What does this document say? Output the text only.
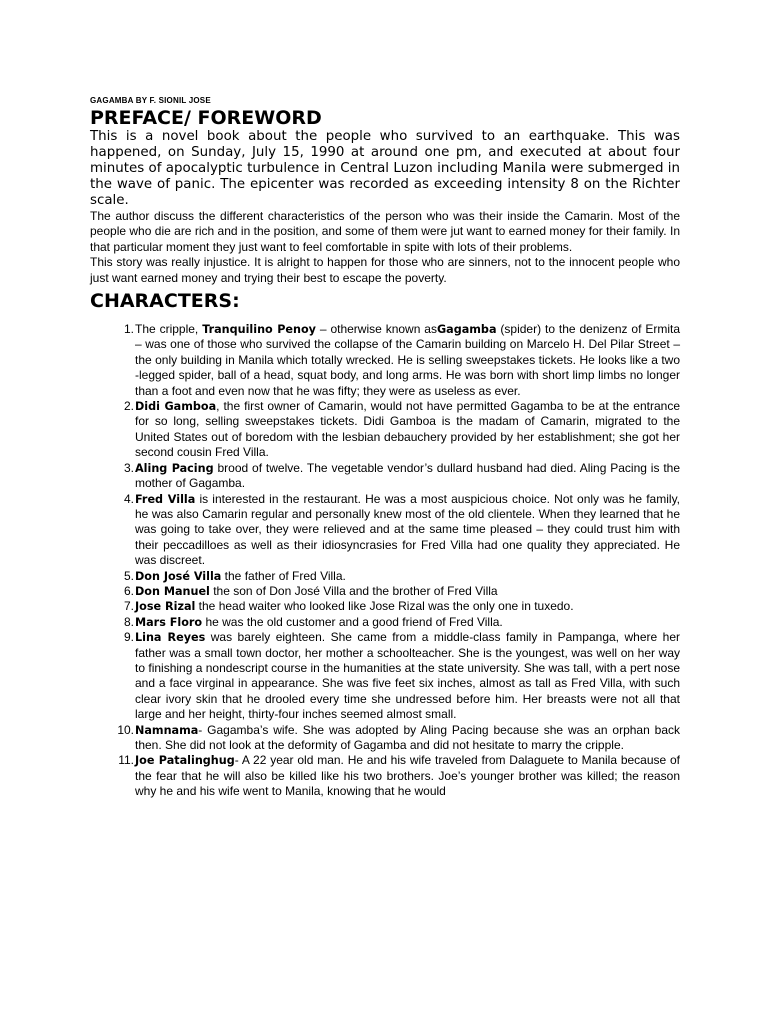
GAGAMBA BY F. SIONIL JOSE
PREFACE/ FOREWORD

This is a novel book about the people who survived to an earthquake. This was happened, on Sunday, July 15, 1990 at around one pm, and executed at about four minutes of apocalyptic turbulence in Central Luzon including Manila were submerged in the wave of panic. The epicenter was recorded as exceeding intensity 8 on the Richter scale.

The author discuss the different characteristics of the person who was their inside the Camarin. Most of the people who die are rich and in the position, and some of them were jut want to earned money for their family. In that particular moment they just want to feel comfortable in spite with lots of their problems.

This story was really injustice. It is alright to happen for those who are sinners, not to the innocent people who just want earned money and trying their best to escape the poverty.

CHARACTERS:
1. The cripple, Tranquilino Penoy – otherwise known asGagamba (spider) to the denizenz of Ermita – was one of those who survived the collapse of the Camarin building on Marcelo H. Del Pilar Street – the only building in Manila which totally wrecked. He is selling sweepstakes tickets. He looks like a two -legged spider, ball of a head, squat body, and long arms. He was born with short limp limbs no longer than a foot and even now that he was fifty; they were as useless as ever.
2. Didi Gamboa, the first owner of Camarin, would not have permitted Gagamba to be at the entrance for so long, selling sweepstakes tickets. Didi Gamboa is the madam of Camarin, migrated to the United States out of boredom with the lesbian debauchery provided by her establishment; she got her second cousin Fred Villa.
3. Aling Pacing brood of twelve. The vegetable vendor’s dullard husband had died. Aling Pacing is the mother of Gagamba.
4. Fred Villa is interested in the restaurant. He was a most auspicious choice. Not only was he family, he was also Camarin regular and personally knew most of the old clientele. When they learned that he was going to take over, they were relieved and at the same time pleased – they could trust him with their peccadilloes as well as their idiosyncrasies for Fred Villa had one quality they appreciated. He was discreet.
5. Don José Villa the father of Fred Villa.
6. Don Manuel the son of Don José Villa and the brother of Fred Villa
7. Jose Rizal the head waiter who looked like Jose Rizal was the only one in tuxedo.
8. Mars Floro he was the old customer and a good friend of Fred Villa.
9. Lina Reyes was barely eighteen. She came from a middle-class family in Pampanga, where her father was a small town doctor, her mother a schoolteacher. She is the youngest, was well on her way to finishing a nondescript course in the humanities at the state university. She was tall, with a pert nose and a face virginal in appearance. She was five feet six inches, almost as tall as Fred Villa, with such clear ivory skin that he drooled every time she undressed before him. Her breasts were not all that large and her height, thirty-four inches seemed almost small.
10. Namnama- Gagamba’s wife. She was adopted by Aling Pacing because she was an orphan back then. She did not look at the deformity of Gagamba and did not hesitate to marry the cripple.
11. Joe Patalinghug- A 22 year old man. He and his wife traveled from Dalaguete to Manila because of the fear that he will also be killed like his two brothers. Joe’s younger brother was killed; the reason why he and his wife went to Manila, knowing that he would
